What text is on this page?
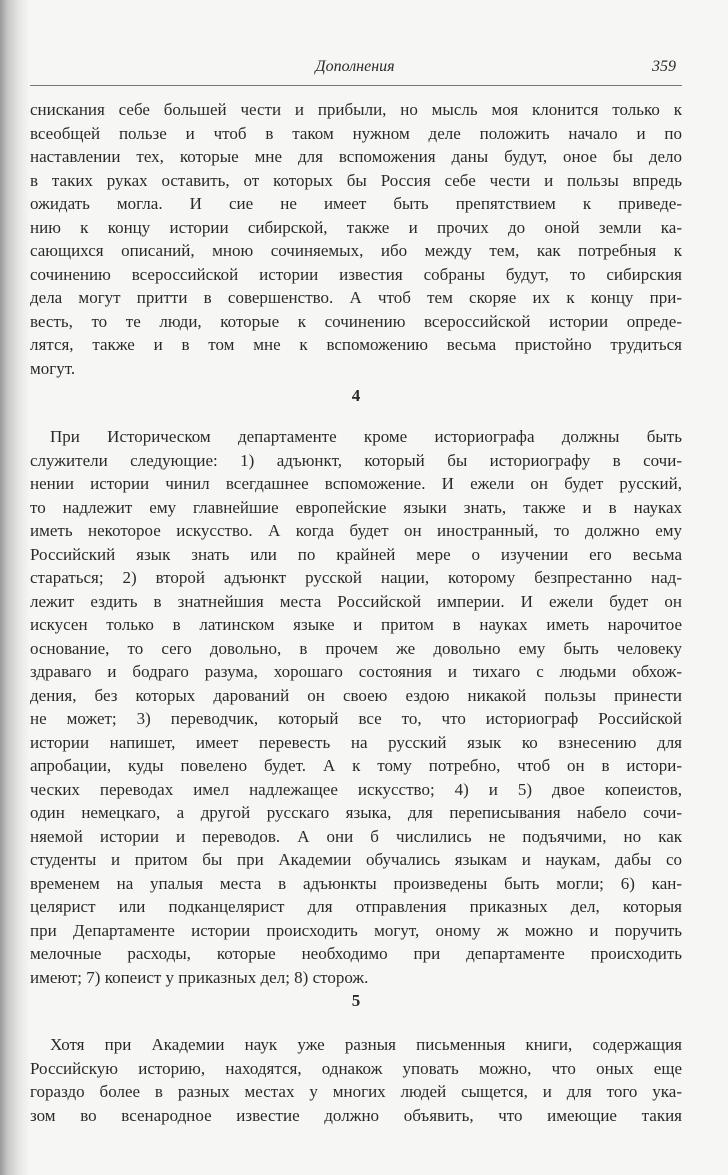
Дополнения	359
снискания себе большей чести и прибыли, но мысль моя клонится только к
всеобщей пользе и чтоб в таком нужном деле положить начало и по
наставлении тех, которые мне для вспоможения даны будут, оное бы дело
в таких руках оставить, от которых бы Россия себе чести и пользы впредь
ожидать могла. И сие не имеет быть препятствием к приведе-
нию к концу истории сибирской, также и прочих до оной земли ка-
сающихся описаний, мною сочиняемых, ибо между тем, как потребныя к
сочинению всероссийской истории известия собраны будут, то сибирския
дела могут притти в совершенство. А чтоб тем скоряе их к концу при-
весть, то те люди, которые к сочинению всероссийской истории опреде-
лятся, также и в том мне к вспоможению весьма пристойно трудиться
могут.
4
При Историческом департаменте кроме историографа должны быть
служители следующие: 1) адъюнкт, который бы историографу в сочи-
нении истории чинил всегдашнее вспоможение. И ежели он будет русский,
то надлежит ему главнейшие европейские языки знать, также и в науках
иметь некоторое искусство. А когда будет он иностранный, то должно ему
Российский язык знать или по крайней мере о изучении его весьма
стараться; 2) второй адъюнкт русской нации, которому безпрестанно над-
лежит ездить в знатнейшия места Российской империи. И ежели будет он
искусен только в латинском языке и притом в науках иметь нарочитое
основание, то сего довольно, в прочем же довольно ему быть человеку
здраваго и бодраго разума, хорошаго состояния и тихаго с людьми обхож-
дения, без которых дарований он своею ездою никакой пользы принести
не может; 3) переводчик, который все то, что историограф Российской
истории напишет, имеет перевесть на русский язык ко взнесению для
апробации, куды повелено будет. А к тому потребно, чтоб он в истори-
ческих переводах имел надлежащее искусство; 4) и 5) двое копеистов,
один немецкаго, а другой русскаго языка, для переписывания набело сочи-
няемой истории и переводов. А они б числились не подъячими, но как
студенты и притом бы при Академии обучались языкам и наукам, дабы со
временем на упалыя места в адъюнкты произведены быть могли; 6) кан-
целярист или подканцелярист для отправления приказных дел, которыя
при Департаменте истории происходить могут, оному ж можно и поручить
мелочные расходы, которые необходимо при департаменте происходить
имеют; 7) копеист у приказных дел; 8) сторож.
5
Хотя при Академии наук уже разныя письменныя книги, содержащия
Российскую историю, находятся, однакож уповать можно, что оных еще
гораздо более в разных местах у многих людей сыщется, и для того ука-
зом во всенародное известие должно объявить, что имеющие такия
